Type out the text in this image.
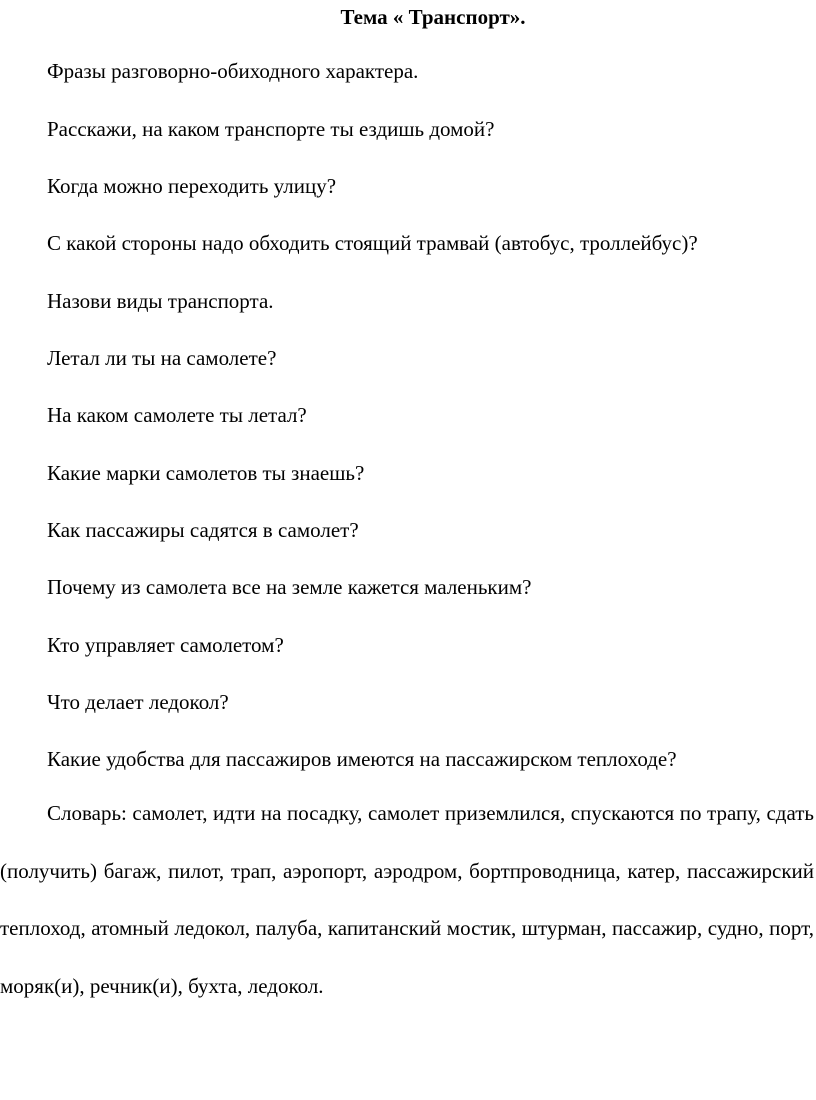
Тема « Транспорт».
Фразы разговорно-обиходного характера.
Расскажи, на каком транспорте ты ездишь домой?
Когда можно переходить улицу?
С какой стороны надо обходить стоящий трамвай (автобус, троллейбус)?
Назови виды транспорта.
Летал ли ты на самолете?
На каком самолете ты летал?
Какие марки самолетов ты знаешь?
Как пассажиры садятся в самолет?
Почему из самолета все на земле кажется маленьким?
Кто управляет самолетом?
Что делает ледокол?
Какие удобства для пассажиров имеются на пассажирском теплоходе?
Словарь: самолет, идти на посадку, самолет приземлился, спускаются по трапу, сдать (получить) багаж, пилот, трап, аэропорт, аэродром, бортпроводница, катер, пассажирский теплоход, атомный ледокол, палуба, капитанский мостик, штурман, пассажир, судно, порт, моряк(и), речник(и), бухта, ледокол.
